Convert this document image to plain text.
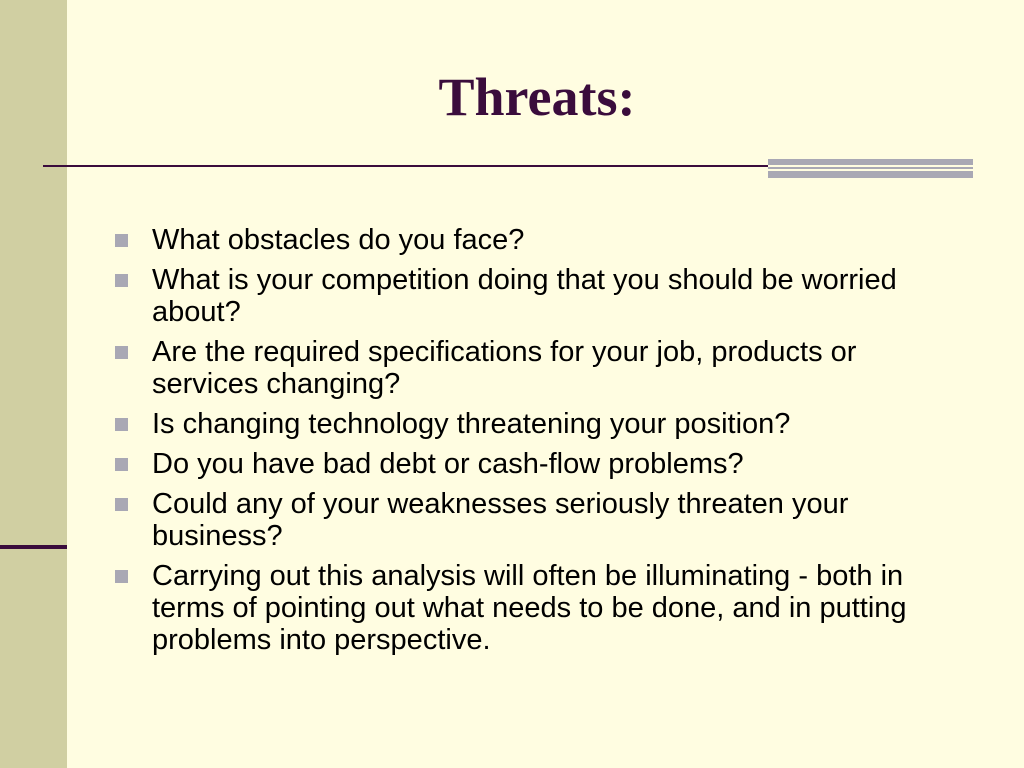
Threats:
What obstacles do you face?
What is your competition doing that you should be worried about?
Are the required specifications for your job, products or services changing?
Is changing technology threatening your position?
Do you have bad debt or cash-flow problems?
Could any of your weaknesses seriously threaten your business?
Carrying out this analysis will often be illuminating - both in terms of pointing out what needs to be done, and in putting problems into perspective.
